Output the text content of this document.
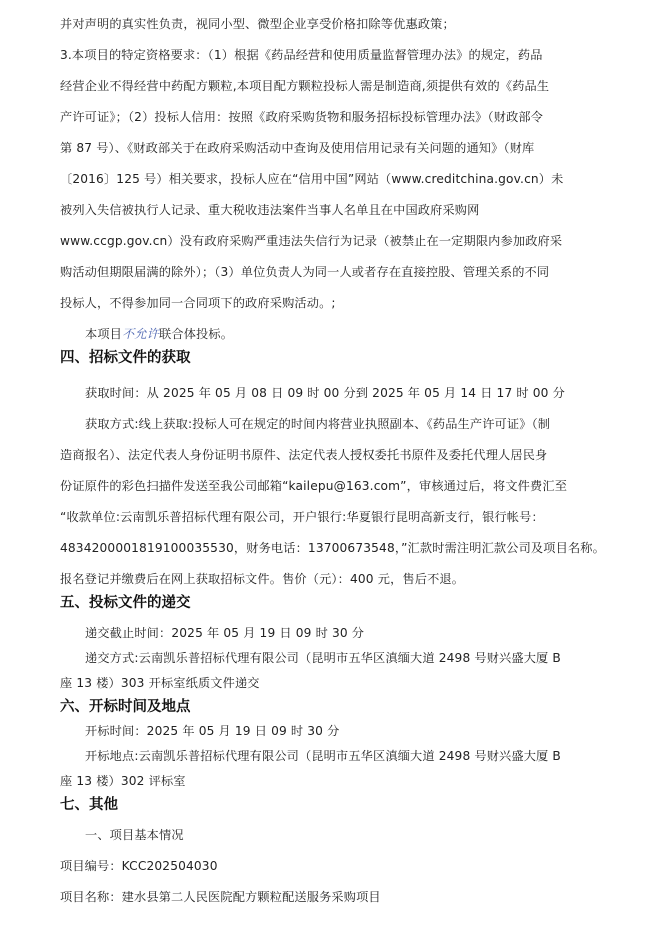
并对声明的真实性负责，视同小型、微型企业享受价格扣除等优惠政策；
3.本项目的特定资格要求：（1）根据《药品经营和使用质量监督管理办法》的规定，药品
经营企业不得经营中药配方颗粒,本项目配方颗粒投标人需是制造商,须提供有效的《药品生
产许可证》；（2）投标人信用：按照《政府采购货物和服务招标投标管理办法》（财政部令
第 87 号）、《财政部关于在政府采购活动中查询及使用信用记录有关问题的通知》（财库
〔2016〕125 号）相关要求，投标人应在“信用中国”网站（www.creditchina.gov.cn）未
被列入失信被执行人记录、重大税收违法案件当事人名单且在中国政府采购网
www.ccgp.gov.cn）没有政府采购严重违法失信行为记录（被禁止在一定期限内参加政府采
购活动但期限届满的除外）；（3）单位负责人为同一人或者存在直接控股、管理关系的不同
投标人，不得参加同一合同项下的政府采购活动。;
本项目不允许联合体投标。
四、招标文件的获取
获取时间：从 2025 年 05 月 08 日 09 时 00 分到 2025 年 05 月 14 日 17 时 00 分
获取方式:线上获取:投标人可在规定的时间内将营业执照副本、《药品生产许可证》（制
造商报名）、法定代表人身份证明书原件、法定代表人授权委托书原件及委托代理人居民身
份证原件的彩色扫描件发送至我公司邮箱“kailepu@163.com”，审核通过后，将文件费汇至
“收款单位:云南凯乐普招标代理有限公司，开户银行:华夏银行昆明高新支行，银行帐号：
4834200001819100035530，财务电话：13700673548，”汇款时需注明汇款公司及项目名称。
报名登记并缴费后在网上获取招标文件。售价（元）：400 元，售后不退。
五、投标文件的递交
递交截止时间：2025 年 05 月 19 日 09 时 30 分
递交方式:云南凯乐普招标代理有限公司（昆明市五华区滇缅大道 2498 号财兴盛大厦 B
座 13 楼）303 开标室纸质文件递交
六、开标时间及地点
开标时间：2025 年 05 月 19 日 09 时 30 分
开标地点:云南凯乐普招标代理有限公司（昆明市五华区滇缅大道 2498 号财兴盛大厦 B
座 13 楼）302 评标室
七、其他
一、项目基本情况
项目编号：KCC202504030
项目名称：建水县第二人民医院配方颗粒配送服务采购项目
